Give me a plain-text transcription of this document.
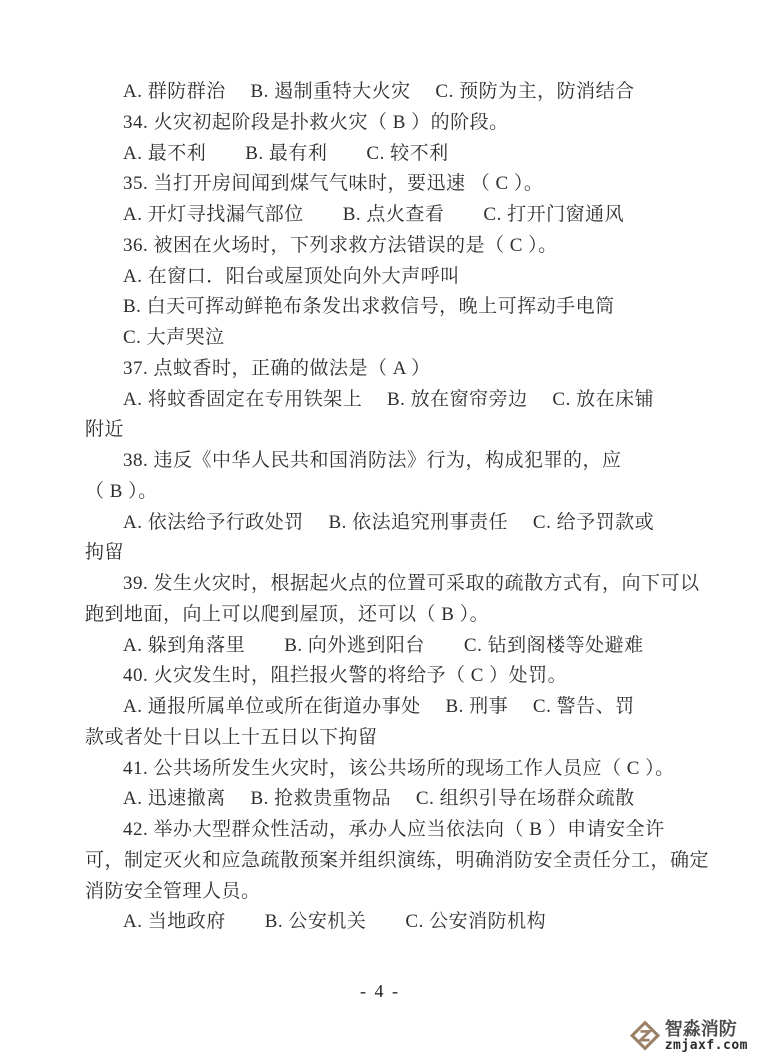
A. 群防群治　 B. 遏制重特大火灾　 C. 预防为主，防消结合
34. 火灾初起阶段是扑救火灾（ B ）的阶段。
A. 最不利　　B. 最有利　　C. 较不利
35. 当打开房间闻到煤气气味时，要迅速 （ C ）。
A. 开灯寻找漏气部位　　B. 点火查看　　C. 打开门窗通风
36. 被困在火场时，下列求救方法错误的是（ C ）。
A. 在窗口．阳台或屋顶处向外大声呼叫
B. 白天可挥动鲜艳布条发出求救信号，晚上可挥动手电筒
C. 大声哭泣
37. 点蚊香时，正确的做法是（ A ）
A. 将蚊香固定在专用铁架上　 B. 放在窗帘旁边　 C. 放在床铺
附近
38. 违反《中华人民共和国消防法》行为，构成犯罪的，应
（ B ）。
A. 依法给予行政处罚　 B. 依法追究刑事责任　 C. 给予罚款或
拘留
39. 发生火灾时，根据起火点的位置可采取的疏散方式有，向下可以
跑到地面，向上可以爬到屋顶，还可以（ B ）。
A. 躲到角落里　　B. 向外逃到阳台　　C. 钻到阁楼等处避难
40. 火灾发生时，阻拦报火警的将给予（ C ）处罚。
A. 通报所属单位或所在街道办事处　 B. 刑事　 C. 警告、罚
款或者处十日以上十五日以下拘留
41. 公共场所发生火灾时，该公共场所的现场工作人员应（ C ）。
A. 迅速撤离　 B. 抢救贵重物品　 C. 组织引导在场群众疏散
42. 举办大型群众性活动，承办人应当依法向（ B ）申请安全许
可，制定灭火和应急疏散预案并组织演练，明确消防安全责任分工，确定
消防安全管理人员。
A. 当地政府　　B. 公安机关　　C. 公安消防机构
- 4 -
智淼消防
zmjaxf.com
